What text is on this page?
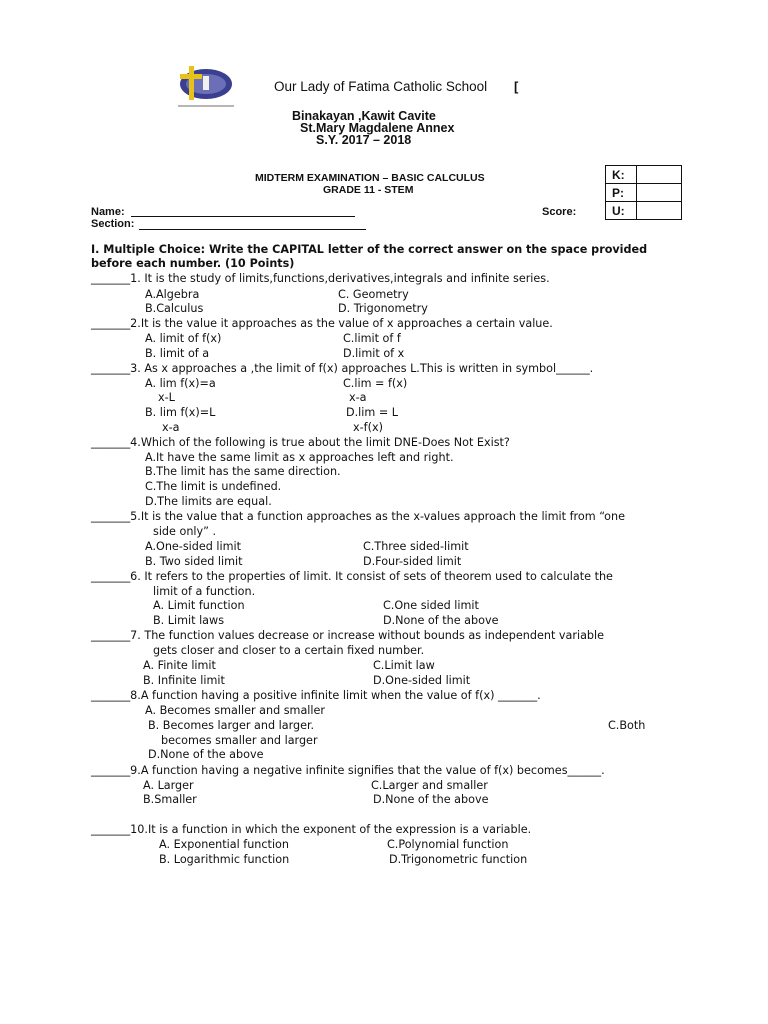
Our Lady of Fatima Catholic School [
Binakayan ,Kawit Cavite
St.Mary Magdalene Annex
S.Y. 2017 – 2018
MIDTERM EXAMINATION – BASIC CALCULUS
GRADE 11 - STEM
K:	
P:	
U:	
Name:
Section:
Score:
I. Multiple Choice: Write the CAPITAL letter of the correct answer on the space provided
before each number. (10 Points)
_______1. It is the study of limits,functions,derivatives,integrals and infinite series.
A.Algebra	C. Geometry
B.Calculus	D. Trigonometry
_______2.It is the value it approaches as the value of x approaches a certain value.
A. limit of f(x)	C.limit of f
B. limit of a	D.limit of x
_______3. As x approaches a ,the limit of f(x) approaches L.This is written in symbol______.
A. lim f(x)=a	C.lim = f(x)
x-L	x-a
B. lim f(x)=L	D.lim = L
x-a	x-f(x)
_______4.Which of the following is true about the limit DNE-Does Not Exist?
A.It have the same limit as x approaches left and right.
B.The limit has the same direction.
C.The limit is undefined.
D.The limits are equal.
_______5.It is the value that a function approaches as the x-values approach the limit from “one
side only” .
A.One-sided limit	C.Three sided-limit
B. Two sided limit	D.Four-sided limit
_______6. It refers to the properties of limit. It consist of sets of theorem used to calculate the
limit of a function.
A. Limit function	C.One sided limit
B. Limit laws	D.None of the above
_______7. The function values decrease or increase without bounds as independent variable
gets closer and closer to a certain fixed number.
A. Finite limit	C.Limit law
B. Infinite limit	D.One-sided limit
_______8.A function having a positive infinite limit when the value of f(x) _______.
A. Becomes smaller and smaller
B. Becomes larger and larger.	C.Both
becomes smaller and larger
D.None of the above
_______9.A function having a negative infinite signifies that the value of f(x) becomes______.
A. Larger	C.Larger and smaller
B.Smaller	D.None of the above
_______10.It is a function in which the exponent of the expression is a variable.
A. Exponential function	C.Polynomial function
B. Logarithmic function	D.Trigonometric function
